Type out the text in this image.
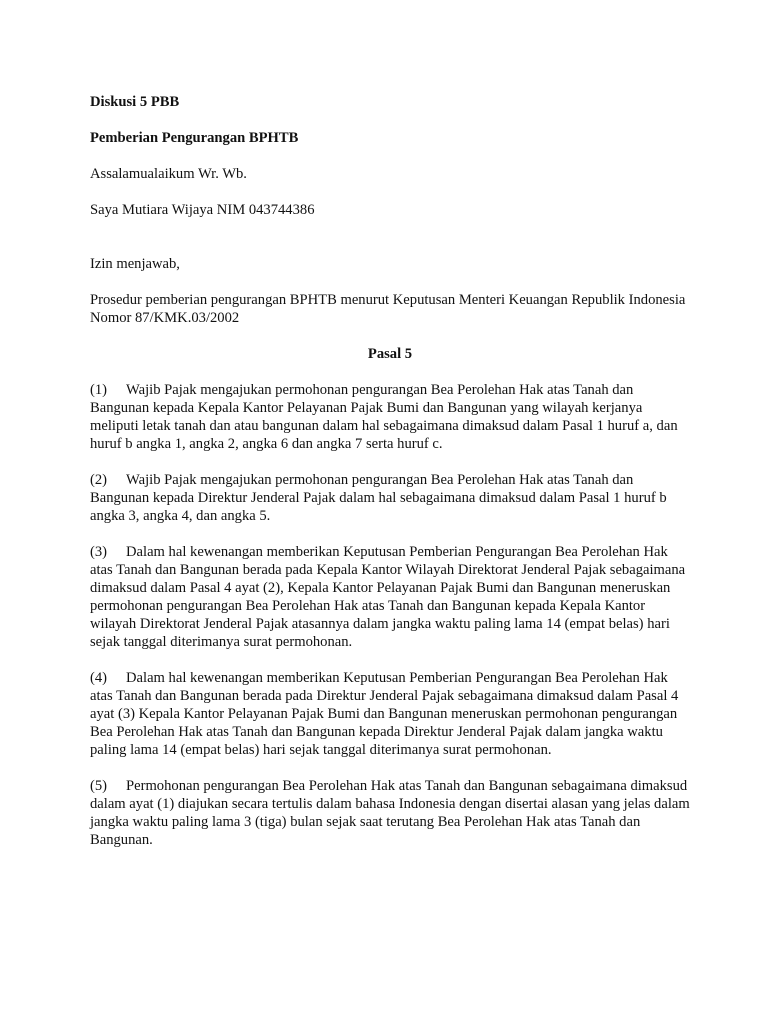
Diskusi 5 PBB

Pemberian Pengurangan BPHTB

Assalamualaikum Wr. Wb.

Saya Mutiara Wijaya NIM 043744386

Izin menjawab,

Prosedur pemberian pengurangan BPHTB menurut Keputusan Menteri Keuangan Republik Indonesia Nomor 87/KMK.03/2002

Pasal 5

(1) Wajib Pajak mengajukan permohonan pengurangan Bea Perolehan Hak atas Tanah dan Bangunan kepada Kepala Kantor Pelayanan Pajak Bumi dan Bangunan yang wilayah kerjanya meliputi letak tanah dan atau bangunan dalam hal sebagaimana dimaksud dalam Pasal 1 huruf a, dan huruf b angka 1, angka 2, angka 6 dan angka 7 serta huruf c.

(2) Wajib Pajak mengajukan permohonan pengurangan Bea Perolehan Hak atas Tanah dan Bangunan kepada Direktur Jenderal Pajak dalam hal sebagaimana dimaksud dalam Pasal 1 huruf b angka 3, angka 4, dan angka 5.

(3) Dalam hal kewenangan memberikan Keputusan Pemberian Pengurangan Bea Perolehan Hak atas Tanah dan Bangunan berada pada Kepala Kantor Wilayah Direktorat Jenderal Pajak sebagaimana dimaksud dalam Pasal 4 ayat (2), Kepala Kantor Pelayanan Pajak Bumi dan Bangunan meneruskan permohonan pengurangan Bea Perolehan Hak atas Tanah dan Bangunan kepada Kepala Kantor wilayah Direktorat Jenderal Pajak atasannya dalam jangka waktu paling lama 14 (empat belas) hari sejak tanggal diterimanya surat permohonan.

(4) Dalam hal kewenangan memberikan Keputusan Pemberian Pengurangan Bea Perolehan Hak atas Tanah dan Bangunan berada pada Direktur Jenderal Pajak sebagaimana dimaksud dalam Pasal 4 ayat (3) Kepala Kantor Pelayanan Pajak Bumi dan Bangunan meneruskan permohonan pengurangan Bea Perolehan Hak atas Tanah dan Bangunan kepada Direktur Jenderal Pajak dalam jangka waktu paling lama 14 (empat belas) hari sejak tanggal diterimanya surat permohonan.

(5) Permohonan pengurangan Bea Perolehan Hak atas Tanah dan Bangunan sebagaimana dimaksud dalam ayat (1) diajukan secara tertulis dalam bahasa Indonesia dengan disertai alasan yang jelas dalam jangka waktu paling lama 3 (tiga) bulan sejak saat terutang Bea Perolehan Hak atas Tanah dan Bangunan.
